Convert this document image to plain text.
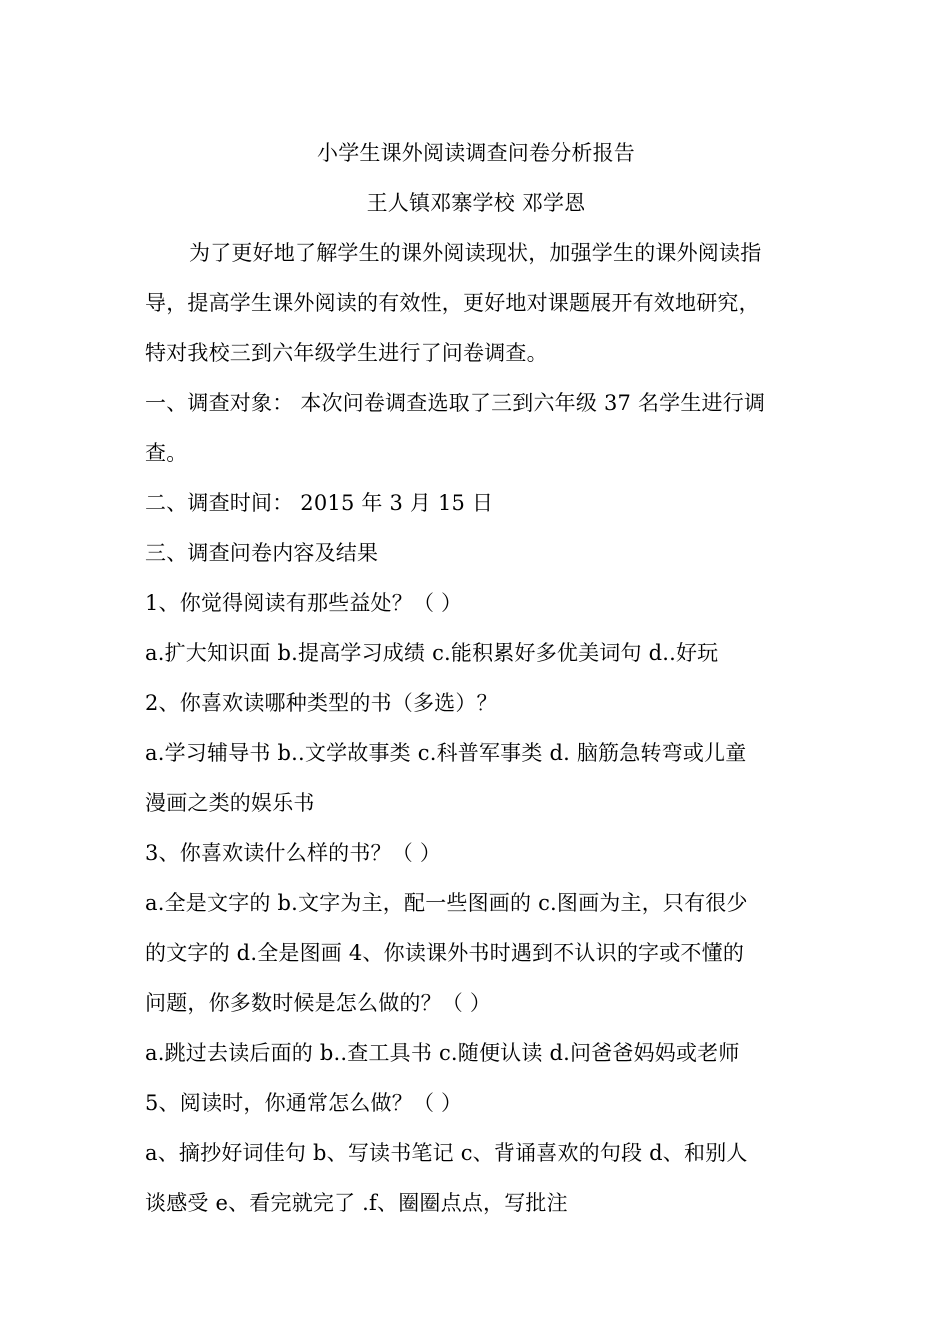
小学生课外阅读调查问卷分析报告
王人镇邓寨学校 邓学恩
为了更好地了解学生的课外阅读现状，加强学生的课外阅读指
导，提高学生课外阅读的有效性，更好地对课题展开有效地研究，
特对我校三到六年级学生进行了问卷调查。
一、调查对象： 本次问卷调查选取了三到六年级 37 名学生进行调
查。
二、调查时间： 2015 年 3 月 15 日
三、调查问卷内容及结果
1、你觉得阅读有那些益处？（ ）
a.扩大知识面 b.提高学习成绩 c.能积累好多优美词句 d..好玩
2、你喜欢读哪种类型的书（多选）？
a.学习辅导书 b..文学故事类 c.科普军事类 d. 脑筋急转弯或儿童
漫画之类的娱乐书
3、你喜欢读什么样的书？（ ）
a.全是文字的 b.文字为主，配一些图画的 c.图画为主，只有很少
的文字的 d.全是图画 4、你读课外书时遇到不认识的字或不懂的
问题，你多数时候是怎么做的？（ ）
a.跳过去读后面的 b..查工具书 c.随便认读 d.问爸爸妈妈或老师
5、阅读时，你通常怎么做？（ ）
a、摘抄好词佳句 b、写读书笔记 c、背诵喜欢的句段 d、和别人
谈感受 e、看完就完了 .f、圈圈点点，写批注
